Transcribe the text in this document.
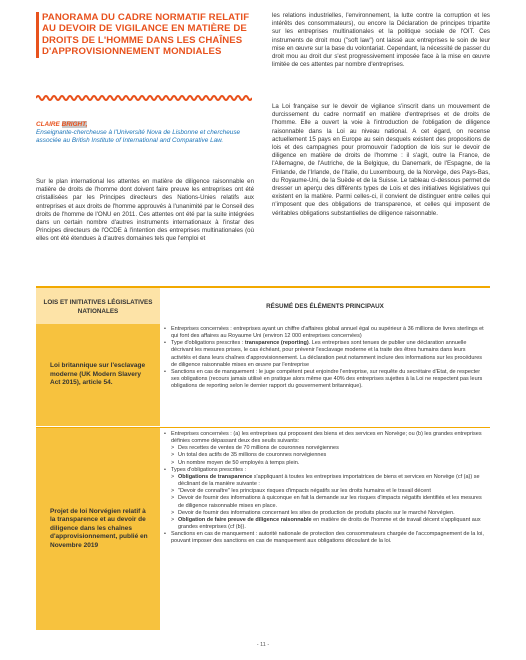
PANORAMA DU CADRE NORMATIF RELATIF AU DEVOIR DE VIGILANCE EN MATIÈRE DE DROITS DE L'HOMME DANS LES CHAÎNES D'APPROVISIONNEMENT MONDIALES
CLAIRE BRIGHT,
Enseignante-chercheuse à l'Université Nova de Lisbonne et chercheuse associée au British Institute of International and Comparative Law.
Sur le plan international les attentes en matière de diligence raisonnable en matière de droits de l'homme dont doivent faire preuve les entreprises ont été cristallisées par les Principes directeurs des Nations-Unies relatifs aux entreprises et aux droits de l'homme approuvés à l'unanimité par le Conseil des droits de l'homme de l'ONU en 2011. Ces attentes ont été par la suite intégrées dans un certain nombre d'autres instruments internationaux à l'instar des Principes directeurs de l'OCDE à l'intention des entreprises multinationales (où elles ont été étendues à d'autres domaines tels que l'emploi et
les relations industrielles, l'environnement, la lutte contre la corruption et les intérêts des consommateurs), ou encore la Déclaration de principes tripartite sur les entreprises multinationales et la politique sociale de l'OIT. Ces instruments de droit mou ("soft law") ont laissé aux entreprises le soin de leur mise en œuvre sur la base du volontariat. Cependant, la nécessité de passer du droit mou au droit dur s'est progressivement imposée face à la mise en œuvre limitée de ces attentes par nombre d'entreprises.
La Loi française sur le devoir de vigilance s'inscrit dans un mouvement de durcissement du cadre normatif en matière d'entreprises et de droits de l'homme. Elle a ouvert la voie à l'introduction de l'obligation de diligence raisonnable dans la Loi au niveau national. A cet égard, on recense actuellement 15 pays en Europe au sein desquels existent des propositions de lois et des campagnes pour promouvoir l'adoption de lois sur le devoir de diligence en matière de droits de l'homme : il s'agit, outre la France, de l'Allemagne, de l'Autriche, de la Belgique, du Danemark, de l'Espagne, de la Finlande, de l'Irlande, de l'Italie, du Luxembourg, de la Norvège, des Pays-Bas, du Royaume-Uni, de la Suède et de la Suisse. Le tableau ci-dessous permet de dresser un aperçu des différents types de Lois et des initiatives législatives qui existent en la matière. Parmi celles-ci, il convient de distinguer entre celles qui n'imposent que des obligations de transparence, et celles qui imposent de véritables obligations substantielles de diligence raisonnable.
LOIS ET INITIATIVES LÉGISLATIVES NATIONALES
RÉSUMÉ DES ÉLÉMENTS PRINCIPAUX
Loi britannique sur l'esclavage moderne (UK Modern Slavery Act 2015), article 54.

• Entreprises concernées : entreprises ayant un chiffre d'affaires global annuel égal ou supérieur à 36 millions de livres sterlings et qui font des affaires au Royaume Uni (environ 12 000 entreprises concernées)

• Type d'obligations prescrites : transparence (reporting). Les entreprises sont tenues de publier une déclaration annuelle décrivant les mesures prises, le cas échéant, pour prévenir l'esclavage moderne et la traite des êtres humains dans leurs activités et dans leurs chaînes d'approvisionnement. La déclaration peut notamment inclure des informations sur les procédures de diligence raisonnable mises en œuvre par l'entreprise

• Sanctions en cas de manquement : le juge compétent peut enjoindre l'entreprise, sur requête du secrétaire d'Etat, de respecter ses obligations (recours jamais utilisé en pratique alors même que 40% des entreprises sujettes à la Loi ne respectent pas leurs obligations de reporting selon le dernier rapport du gouvernement britannique).

Projet de loi Norvégien relatif à la transparence et au devoir de diligence dans les chaînes d'approvisionnement, publié en Novembre 2019

• Entreprises concernées : (a) les entreprises qui proposent des biens et des services en Norvège; ou (b) les grandes entreprises définies comme dépassant deux des seuils suivants:

> Des recettes de ventes de 70 millions de couronnes norvégiennes

> Un total des actifs de 35 millions de couronnes norvégiennes

> Un nombre moyen de 50 employés à temps plein.

• Types d'obligations prescrites :

> Obligations de transparence s'appliquant à toutes les entreprises importatrices de biens et services en Norvège (cf (a)) se déclinant de la manière suivante :

> "Devoir de connaître" les principaux risques d'impacts négatifs sur les droits humains et le travail décent

> Devoir de fournir des informations à quiconque en fait la demande sur les risques d'impacts négatifs identifiés et les mesures de diligence raisonnable mises en place.

> Devoir de fournir des informations concernant les sites de production de produits placés sur le marché Norvégien.

> Obligation de faire preuve de diligence raisonnable en matière de droits de l'homme et de travail décent s'appliquant aux grandes entreprises (cf (b)).

• Sanctions en cas de manquement : autorité nationale de protection des consommateurs chargée de l'accompagnement de la loi, pouvant imposer des sanctions en cas de manquement aux obligations découlant de la loi.

- 11 -
